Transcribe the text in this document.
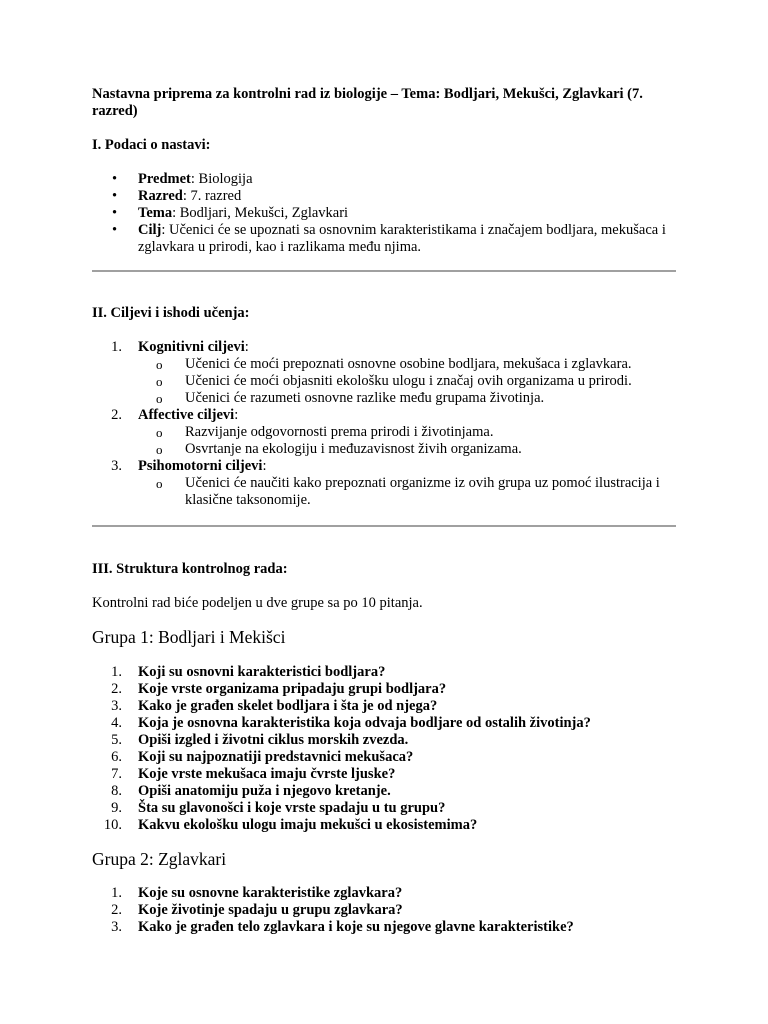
Nastavna priprema za kontrolni rad iz biologije – Tema: Bodljari, Mekušci, Zglavkari (7. razred)

I. Podaci o nastavi:

•	Predmet: Biologija
•	Razred: 7. razred
•	Tema: Bodljari, Mekušci, Zglavkari
•	Cilj: Učenici će se upoznati sa osnovnim karakteristikama i značajem bodljara, mekušaca i zglavkara u prirodi, kao i razlikama među njima.

II. Ciljevi i ishodi učenja:

1. Kognitivni ciljevi:
o	Učenici će moći prepoznati osnovne osobine bodljara, mekušaca i zglavkara.
o	Učenici će moći objasniti ekološku ulogu i značaj ovih organizama u prirodi.
o	Učenici će razumeti osnovne razlike među grupama životinja.
2. Affective ciljevi:
o	Razvijanje odgovornosti prema prirodi i životinjama.
o	Osvrtanje na ekologiju i međuzavisnost živih organizama.
3. Psihomotorni ciljevi:
o	Učenici će naučiti kako prepoznati organizme iz ovih grupa uz pomoć ilustracija i klasične taksonomije.

III. Struktura kontrolnog rada:

Kontrolni rad biće podeljen u dve grupe sa po 10 pitanja.

Grupa 1: Bodljari i Mekišci

1. Koji su osnovni karakteristici bodljara?
2. Koje vrste organizama pripadaju grupi bodljara?
3. Kako je građen skelet bodljara i šta je od njega?
4. Koja je osnovna karakteristika koja odvaja bodljare od ostalih životinja?
5. Opiši izgled i životni ciklus morskih zvezda.
6. Koji su najpoznatiji predstavnici mekušaca?
7. Koje vrste mekušaca imaju čvrste ljuske?
8. Opiši anatomiju puža i njegovo kretanje.
9. Šta su glavonošci i koje vrste spadaju u tu grupu?
10. Kakvu ekološku ulogu imaju mekušci u ekosistemima?

Grupa 2: Zglavkari

1. Koje su osnovne karakteristike zglavkara?
2. Koje životinje spadaju u grupu zglavkara?
3. Kako je građen telo zglavkara i koje su njegove glavne karakteristike?
